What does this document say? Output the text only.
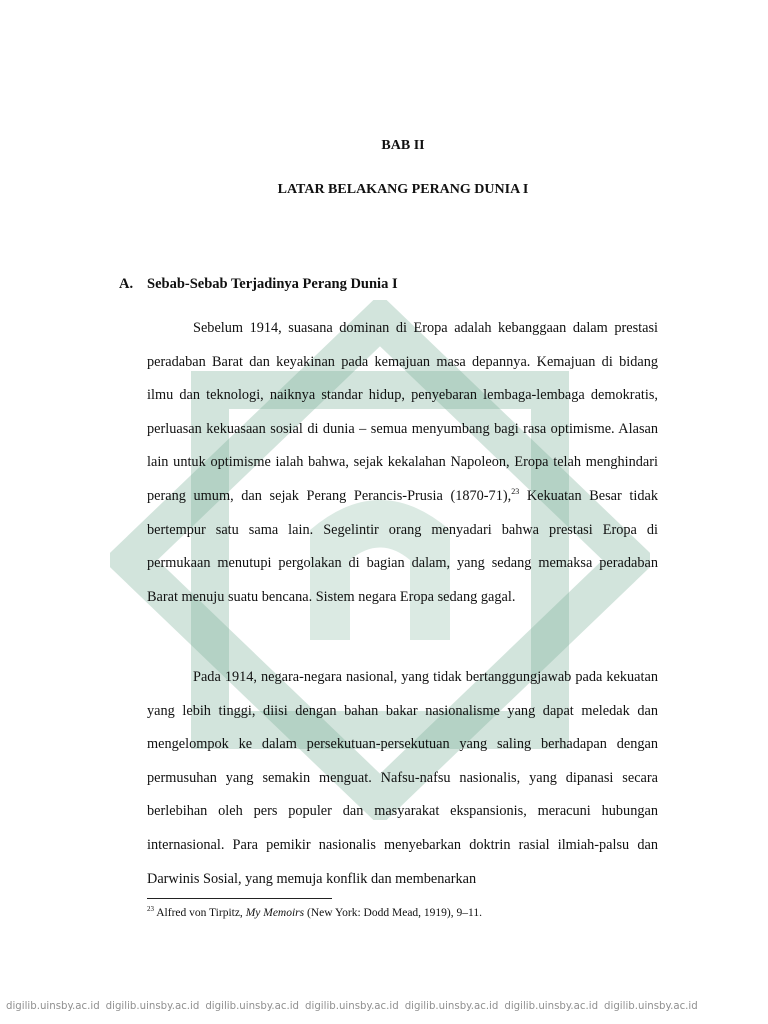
BAB II
LATAR BELAKANG PERANG DUNIA I
A. Sebab-Sebab Terjadinya Perang Dunia I

Sebelum 1914, suasana dominan di Eropa adalah kebanggaan dalam prestasi peradaban Barat dan keyakinan pada kemajuan masa depannya. Kemajuan di bidang ilmu dan teknologi, naiknya standar hidup, penyebaran lembaga-lembaga demokratis, perluasan kekuasaan sosial di dunia – semua menyumbang bagi rasa optimisme. Alasan lain untuk optimisme ialah bahwa, sejak kekalahan Napoleon, Eropa telah menghindari perang umum, dan sejak Perang Perancis-Prusia (1870-71),$^{23}$ Kekuatan Besar tidak bertempur satu sama lain. Segelintir orang menyadari bahwa prestasi Eropa di permukaan menutupi pergolakan di bagian dalam, yang sedang memaksa peradaban Barat menuju suatu bencana. Sistem negara Eropa sedang gagal.

Pada 1914, negara-negara nasional, yang tidak bertanggungjawab pada kekuatan yang lebih tinggi, diisi dengan bahan bakar nasionalisme yang dapat meledak dan mengelompok ke dalam persekutuan-persekutuan yang saling berhadapan dengan permusuhan yang semakin menguat. Nafsu-nafsu nasionalis, yang dipanasi secara berlebihan oleh pers populer dan masyarakat ekspansionis, meracuni hubungan internasional. Para pemikir nasionalis menyebarkan doktrin rasial ilmiah-palsu dan Darwinis Sosial, yang memuja konflik dan membenarkan

$^{23}$ Alfred von Tirpitz, My Memoirs (New York: Dodd Mead, 1919), 9–11.
digilib.uinsby.ac.id digilib.uinsby.ac.id digilib.uinsby.ac.id digilib.uinsby.ac.id digilib.uinsby.ac.id digilib.uinsby.ac.id digilib.uinsby.ac.id
